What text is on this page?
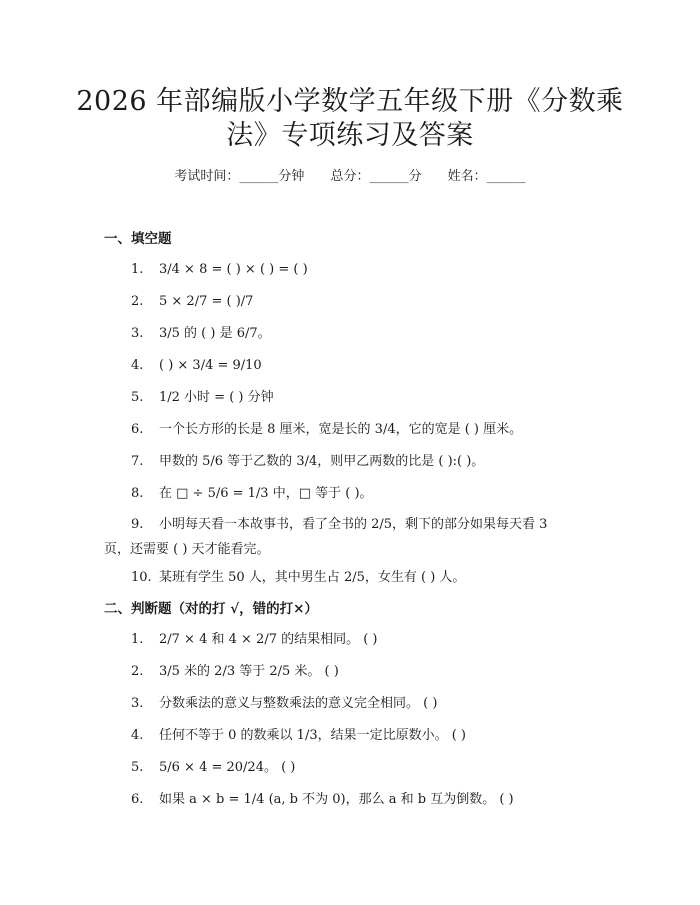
2026 年部编版小学数学五年级下册《分数乘
法》专项练习及答案
考试时间：______分钟 总分：______分 姓名：______
一、填空题
1. 3/4 × 8 = ( ) × ( ) = ( )
2. 5 × 2/7 = ( )/7
3. 3/5 的 ( ) 是 6/7。
4. ( ) × 3/4 = 9/10
5. 1/2 小时 = ( ) 分钟
6. 一个长方形的长是 8 厘米，宽是长的 3/4，它的宽是 ( ) 厘米。
7. 甲数的 5/6 等于乙数的 3/4，则甲乙两数的比是 ( ):( )。
8. 在 □ ÷ 5/6 = 1/3 中，□ 等于 ( )。
9. 小明每天看一本故事书，看了全书的 2/5，剩下的部分如果每天看 3 页，还需要 ( ) 天才能看完。
10. 某班有学生 50 人，其中男生占 2/5，女生有 ( ) 人。
二、判断题（对的打 √，错的打×）
1. 2/7 × 4 和 4 × 2/7 的结果相同。 ( )
2. 3/5 米的 2/3 等于 2/5 米。 ( )
3. 分数乘法的意义与整数乘法的意义完全相同。 ( )
4. 任何不等于 0 的数乘以 1/3，结果一定比原数小。 ( )
5. 5/6 × 4 = 20/24。 ( )
6. 如果 a × b = 1/4 (a, b 不为 0)，那么 a 和 b 互为倒数。 ( )
